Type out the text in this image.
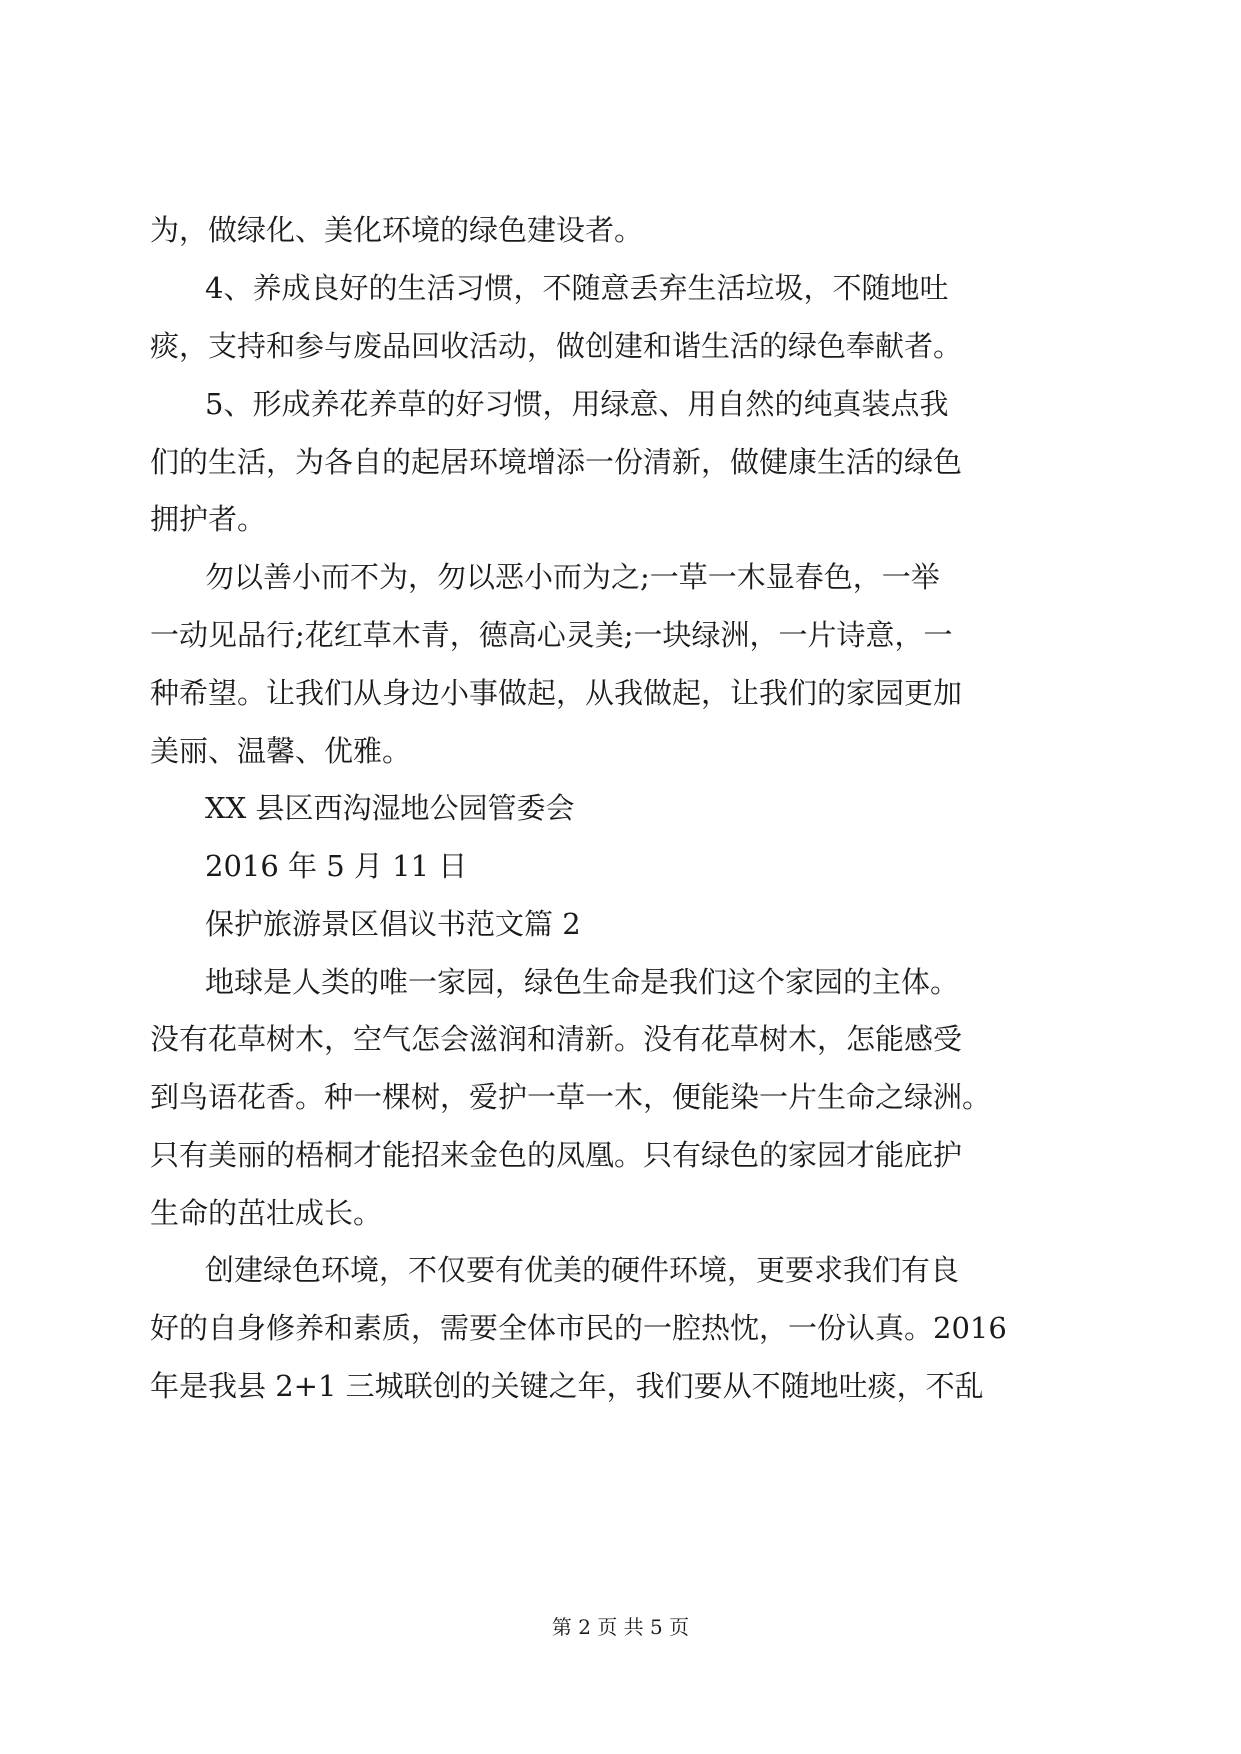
为，做绿化、美化环境的绿色建设者。
4、养成良好的生活习惯，不随意丢弃生活垃圾，不随地吐
痰，支持和参与废品回收活动，做创建和谐生活的绿色奉献者。
5、形成养花养草的好习惯，用绿意、用自然的纯真装点我
们的生活，为各自的起居环境增添一份清新，做健康生活的绿色
拥护者。
勿以善小而不为，勿以恶小而为之;一草一木显春色，一举
一动见品行;花红草木青，德高心灵美;一块绿洲，一片诗意，一
种希望。让我们从身边小事做起，从我做起，让我们的家园更加
美丽、温馨、优雅。
XX 县区西沟湿地公园管委会
2016 年 5 月 11 日
保护旅游景区倡议书范文篇 2
地球是人类的唯一家园，绿色生命是我们这个家园的主体。
没有花草树木，空气怎会滋润和清新。没有花草树木，怎能感受
到鸟语花香。种一棵树，爱护一草一木，便能染一片生命之绿洲。
只有美丽的梧桐才能招来金色的凤凰。只有绿色的家园才能庇护
生命的茁壮成长。
创建绿色环境，不仅要有优美的硬件环境，更要求我们有良
好的自身修养和素质，需要全体市民的一腔热忱，一份认真。2016
年是我县 2+1 三城联创的关键之年，我们要从不随地吐痰，不乱
第 2 页 共 5 页
